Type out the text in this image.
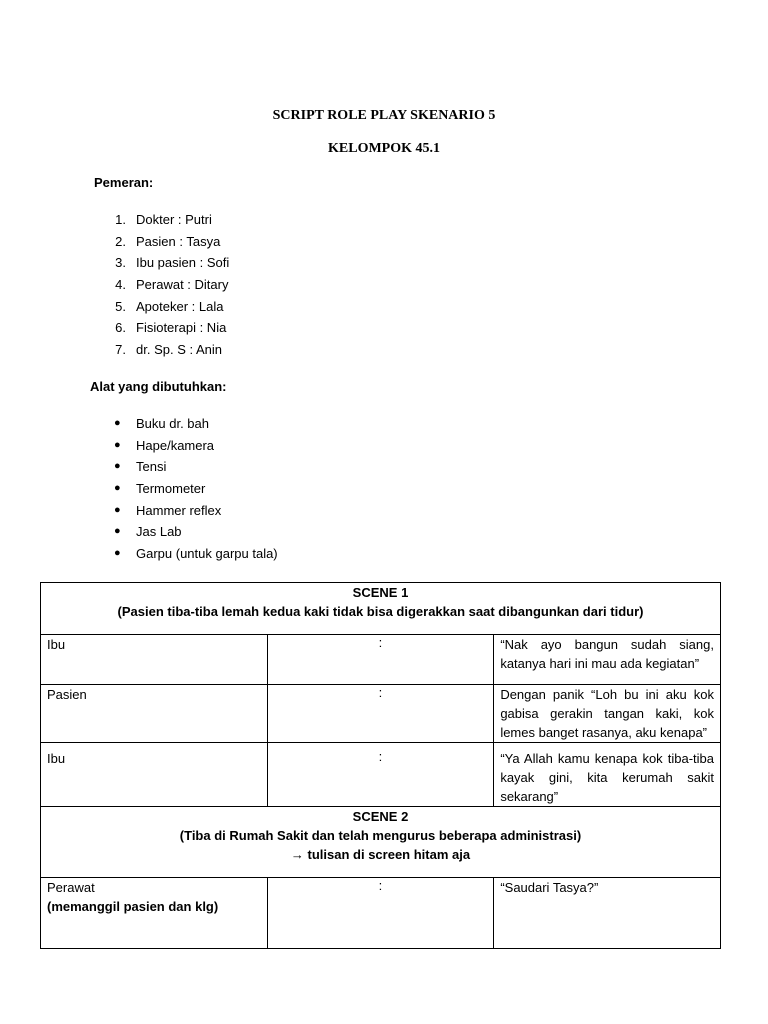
SCRIPT ROLE PLAY SKENARIO 5
KELOMPOK 45.1
Pemeran:
1. Dokter : Putri
2. Pasien : Tasya
3. Ibu pasien : Sofi
4. Perawat : Ditary
5. Apoteker : Lala
6. Fisioterapi : Nia
7. dr. Sp. S : Anin
Alat yang dibutuhkan:
● Buku dr. bah
● Hape/kamera
● Tensi
● Termometer
● Hammer reflex
● Jas Lab
● Garpu (untuk garpu tala)
SCENE 1
(Pasien tiba-tiba lemah kedua kaki tidak bisa digerakkan saat dibangunkan dari tidur)		

Ibu	:	“Nak ayo bangun sudah siang, katanya hari ini mau ada kegiatan”
Pasien	:	Dengan panik “Loh bu ini aku kok gabisa gerakin tangan kaki, kok lemes banget rasanya, aku kenapa”
Ibu	:	“Ya Allah kamu kenapa kok tiba-tiba kayak gini, kita kerumah sakit sekarang”

SCENE 2
(Tiba di Rumah Sakit dan telah mengurus beberapa administrasi)
→ tulisan di screen hitam aja		

Perawat
(memanggil pasien dan klg)	:	“Saudari Tasya?”
